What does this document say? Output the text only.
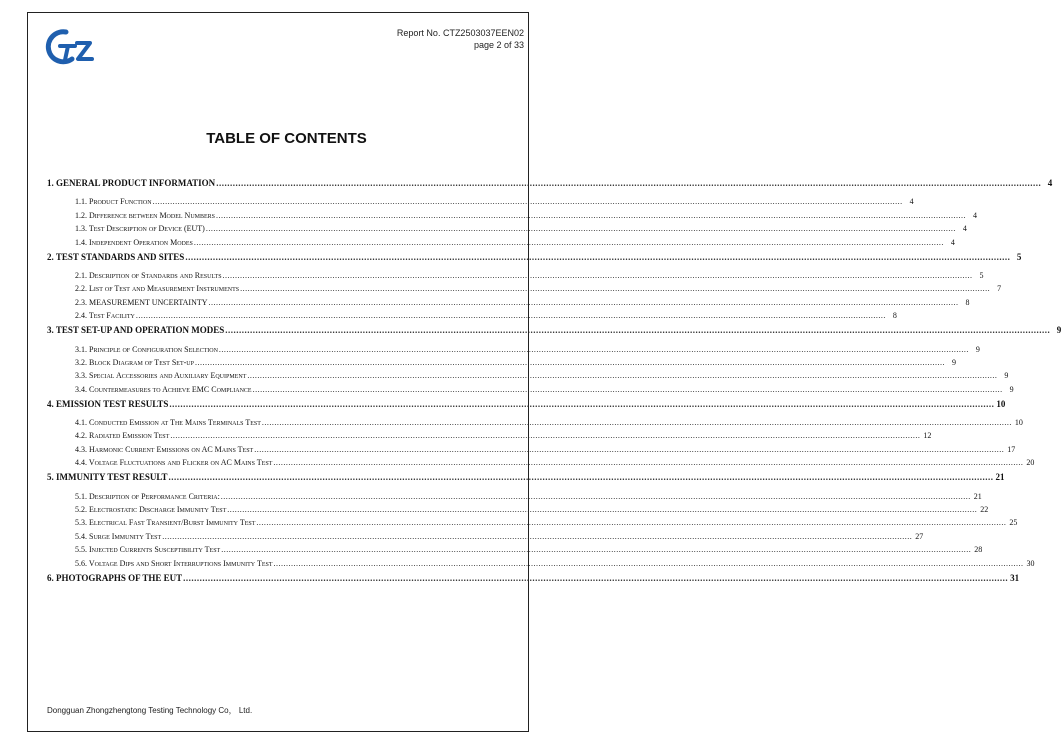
Report No. CTZ2503037EEN02
page 2 of 33
TABLE OF CONTENTS
1. GENERAL PRODUCT INFORMATION ............................................................................................................................................................................................................................................................................................................ 4
1.1. Product Function ............................................................................................................................................................................................................................................................................................................ 4
1.2. Difference between Model Numbers ............................................................................................................................................................................................................................................................................................................ 4
1.3. Test Description of Device (EUT) ............................................................................................................................................................................................................................................................................................................ 4
1.4. Independent Operation Modes ............................................................................................................................................................................................................................................................................................................ 4
2. TEST STANDARDS AND SITES ............................................................................................................................................................................................................................................................................................................ 5
2.1. Description of Standards and Results ............................................................................................................................................................................................................................................................................................................ 5
2.2. List of Test and Measurement Instruments ............................................................................................................................................................................................................................................................................................................ 7
2.3. MEASUREMENT UNCERTAINTY ............................................................................................................................................................................................................................................................................................................ 8
2.4. Test Facility ............................................................................................................................................................................................................................................................................................................ 8
3. TEST SET-UP AND OPERATION MODES ............................................................................................................................................................................................................................................................................................................ 9
3.1. Principle of Configuration Selection ............................................................................................................................................................................................................................................................................................................ 9
3.2. Block Diagram of Test Set-up ............................................................................................................................................................................................................................................................................................................ 9
3.3. Special Accessories and Auxiliary Equipment ............................................................................................................................................................................................................................................................................................................ 9
3.4. Countermeasures to Achieve EMC Compliance ............................................................................................................................................................................................................................................................................................................ 9
4. EMISSION TEST RESULTS ............................................................................................................................................................................................................................................................................................................ 10
4.1. Conducted Emission at The Mains Terminals Test ............................................................................................................................................................................................................................................................................................................ 10
4.2. Radiated Emission Test ............................................................................................................................................................................................................................................................................................................ 12
4.3. Harmonic Current Emissions on AC Mains Test ............................................................................................................................................................................................................................................................................................................ 17
4.4. Voltage Fluctuations and Flicker on AC Mains Test ............................................................................................................................................................................................................................................................................................................ 20
5. IMMUNITY TEST RESULT ............................................................................................................................................................................................................................................................................................................ 21
5.1. Description of Performance Criteria: ............................................................................................................................................................................................................................................................................................................ 21
5.2. Electrostatic Discharge Immunity Test ............................................................................................................................................................................................................................................................................................................ 22
5.3. Electrical Fast Transient/Burst Immunity Test ............................................................................................................................................................................................................................................................................................................ 25
5.4. Surge Immunity Test ............................................................................................................................................................................................................................................................................................................ 27
5.5. Injected Currents Susceptibility Test ............................................................................................................................................................................................................................................................................................................ 28
5.6. Voltage Dips and Short Interruptions Immunity Test ............................................................................................................................................................................................................................................................................................................ 30
6. PHOTOGRAPHS OF THE EUT ............................................................................................................................................................................................................................................................................................................ 31
Dongguan Zhongzhengtong Testing Technology Co， Ltd.
